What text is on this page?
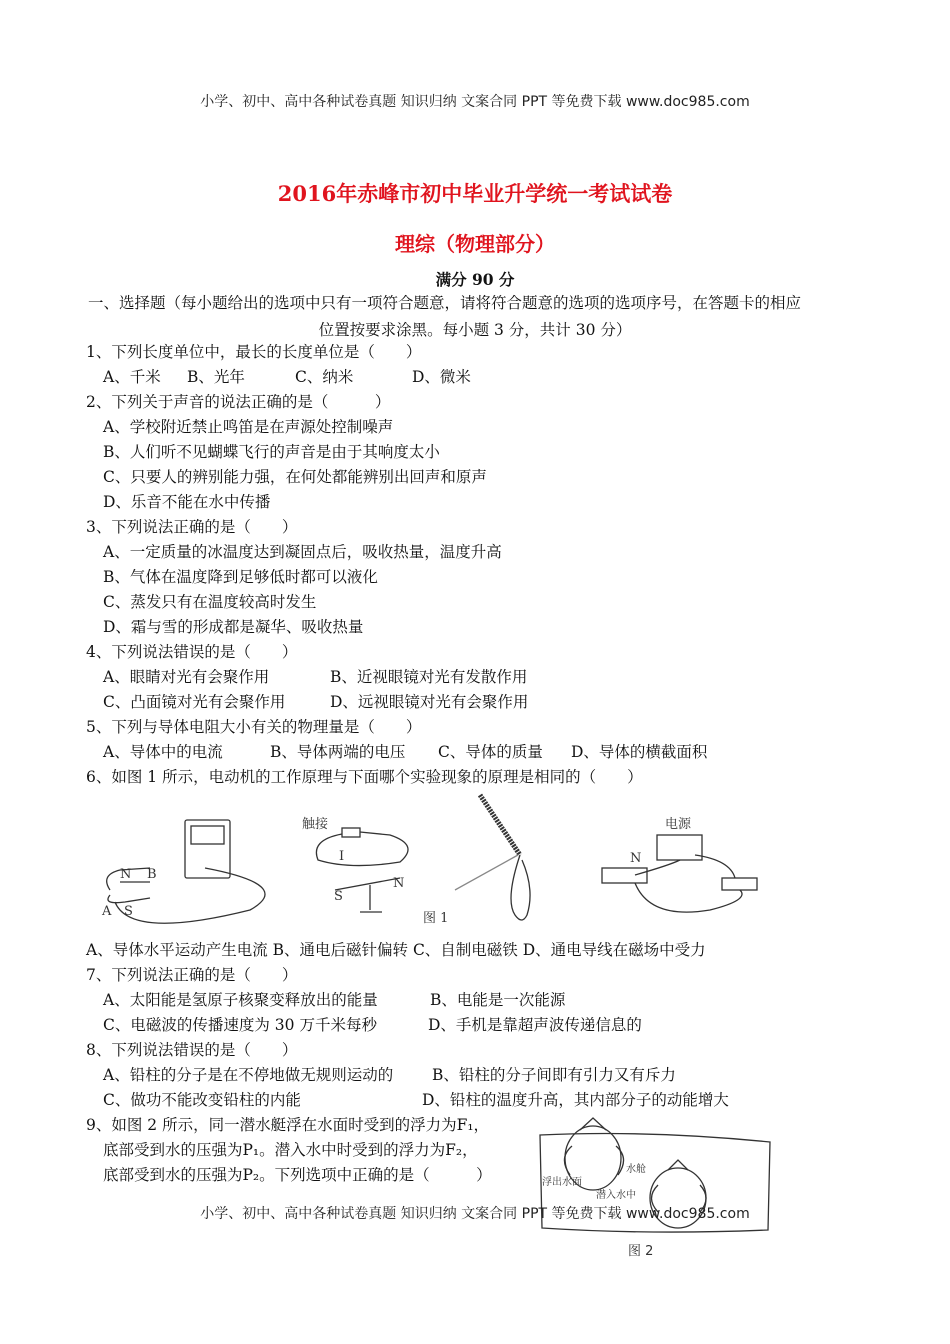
小学、初中、高中各种试卷真题 知识归纳 文案合同 PPT 等免费下载 www.doc985.com
2016年赤峰市初中毕业升学统一考试试卷
理综（物理部分）
满分 90 分
一、选择题（每小题给出的选项中只有一项符合题意，请将符合题意的选项的选项序号，在答题卡的相应
位置按要求涂黑。每小题 3 分，共计 30 分）
1、下列长度单位中，最长的长度单位是（　　）
A、千米 B、光年	C、纳米	D、微米
2、下列关于声音的说法正确的是（　　　）
A、学校附近禁止鸣笛是在声源处控制噪声
B、人们听不见蝴蝶飞行的声音是由于其响度太小
C、只要人的辨别能力强，在何处都能辨别出回声和原声
D、乐音不能在水中传播
3、下列说法正确的是（　　）
A、一定质量的冰温度达到凝固点后，吸收热量，温度升高
B、气体在温度降到足够低时都可以液化
C、蒸发只有在温度较高时发生
D、霜与雪的形成都是凝华、吸收热量
4、下列说法错误的是（　　）
A、眼睛对光有会聚作用	B、近视眼镜对光有发散作用
C、凸面镜对光有会聚作用	D、远视眼镜对光有会聚作用
5、下列与导体电阻大小有关的物理量是（　　）
A、导体中的电流	B、导体两端的电压 C、导体的质量 D、导体的横截面积
6、如图 1 所示，电动机的工作原理与下面哪个实验现象的原理是相同的（　　）
N B
A S
触接
I
S
N
图 1
电源
N
A、导体水平运动产生电流 B、通电后磁针偏转 C、自制电磁铁 D、通电导线在磁场中受力
7、下列说法正确的是（　　）
A、太阳能是氢原子核聚变释放出的能量	B、电能是一次能源
C、电磁波的传播速度为 30 万千米每秒	D、手机是靠超声波传递信息的
8、下列说法错误的是（　　）
A、铅柱的分子是在不停地做无规则运动的	B、铅柱的分子间即有引力又有斥力
C、做功不能改变铅柱的内能	D、铅柱的温度升高，其内部分子的动能增大
9、如图 2 所示，同一潜水艇浮在水面时受到的浮力为F₁，
底部受到水的压强为P₁。潜入水中时受到的浮力为F₂，
底部受到水的压强为P₂。下列选项中正确的是（　　　）	浮出水面
水舱
潜入水中
图 2
小学、初中、高中各种试卷真题 知识归纳 文案合同 PPT 等免费下载 www.doc985.com
